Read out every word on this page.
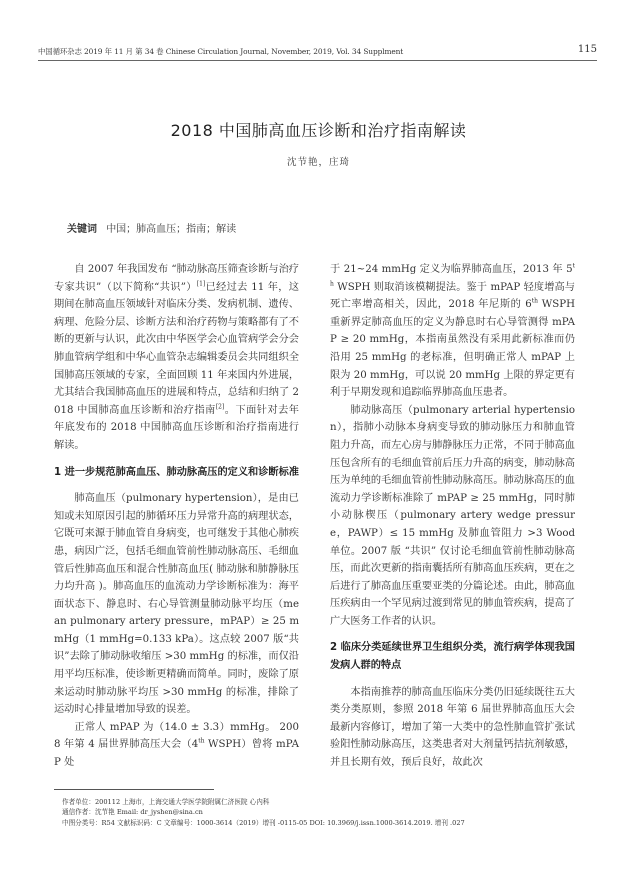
中国循环杂志 2019 年 11 月 第 34 卷 Chinese Circulation Journal, November, 2019, Vol. 34 Supplment	115
2018 中国肺高血压诊断和治疗指南解读
沈节艳，庄琦
关键词 中国；肺高血压；指南；解读

自 2007 年我国发布 “肺动脉高压筛查诊断与治疗专家共识”（以下简称“共识”）[1]已经过去 11 年，这期间在肺高血压领域针对临床分类、发病机制、遗传、病理、危险分层、诊断方法和治疗药物与策略都有了不断的更新与认识，此次由中华医学会心血管病学会分会肺血管病学组和中华心血管杂志编辑委员会共同组织全国肺高压领域的专家，全面回顾 11 年来国内外进展，尤其结合我国肺高血压的进展和特点，总结和归纳了 2018 中国肺高血压诊断和治疗指南[2]。下面针对去年年底发布的 2018 中国肺高血压诊断和治疗指南进行解读。

1 进一步规范肺高血压、肺动脉高压的定义和诊断标准

肺高血压（pulmonary hypertension），是由已知或未知原因引起的肺循环压力异常升高的病理状态，它既可来源于肺血管自身病变，也可继发于其他心肺疾患，病因广泛，包括毛细血管前性肺动脉高压、毛细血管后性肺高血压和混合性肺高血压( 肺动脉和肺静脉压力均升高 )。肺高血压的血流动力学诊断标准为：海平面状态下、静息时、右心导管测量肺动脉平均压（mean pulmonary artery pressure，mPAP）≥ 25 mmHg（1 mmHg=0.133 kPa）。这点较 2007 版“共识”去除了肺动脉收缩压 >30 mmHg 的标准，而仅沿用平均压标准，使诊断更精确而简单。同时，废除了原来运动时肺动脉平均压 >30 mmHg 的标准，排除了运动时心排量增加导致的误差。

正常人 mPAP 为（14.0 ± 3.3）mmHg。 2008 年第 4 届世界肺高压大会（4th WSPH）曾将 mPAP 处

于 21~24 mmHg 定义为临界肺高血压，2013 年 5th WSPH 则取消该模糊提法。鉴于 mPAP 轻度增高与死亡率增高相关，因此，2018 年尼斯的 6th WSPH 重新界定肺高血压的定义为静息时右心导管测得 mPAP ≥ 20 mmHg，本指南虽然没有采用此新标准而仍沿用 25 mmHg 的老标准，但明确正常人 mPAP 上限为 20 mmHg，可以说 20 mmHg 上限的界定更有利于早期发现和追踪临界肺高血压患者。

肺动脉高压（pulmonary arterial hypertension），指肺小动脉本身病变导致的肺动脉压力和肺血管阻力升高，而左心房与肺静脉压力正常，不同于肺高血压包含所有的毛细血管前后压力升高的病变，肺动脉高压为单纯的毛细血管前性肺动脉高压。肺动脉高压的血流动力学诊断标准除了 mPAP ≥ 25 mmHg，同时肺小动脉楔压（pulmonary artery wedge pressure，PAWP）≤ 15 mmHg 及肺血管阻力 >3 Wood 单位。2007 版 “共识” 仅讨论毛细血管前性肺动脉高压，而此次更新的指南囊括所有肺高血压疾病，更在之后进行了肺高血压重要亚类的分篇论述。由此，肺高血压疾病由一个罕见病过渡到常见的肺血管疾病，提高了广大医务工作者的认识。

2 临床分类延续世界卫生组织分类，流行病学体现我国发病人群的特点

本指南推荐的肺高血压临床分类仍旧延续既往五大类分类原则，参照 2018 年第 6 届世界肺高血压大会最新内容修订，增加了第一大类中的急性肺血管扩张试验阳性肺动脉高压，这类患者对大剂量钙拮抗剂敏感，并且长期有效，预后良好，故此次

作者单位：200112 上海市，上海交通大学医学院附属仁济医院 心内科
通信作者：沈节艳 Email: dr_jyshen@sina.cn
中图分类号：R54 文献标识码：C 文章编号：1000-3614（2019）增刊 -0115-05 DOI: 10.3969/j.issn.1000-3614.2019. 增刊 .027
